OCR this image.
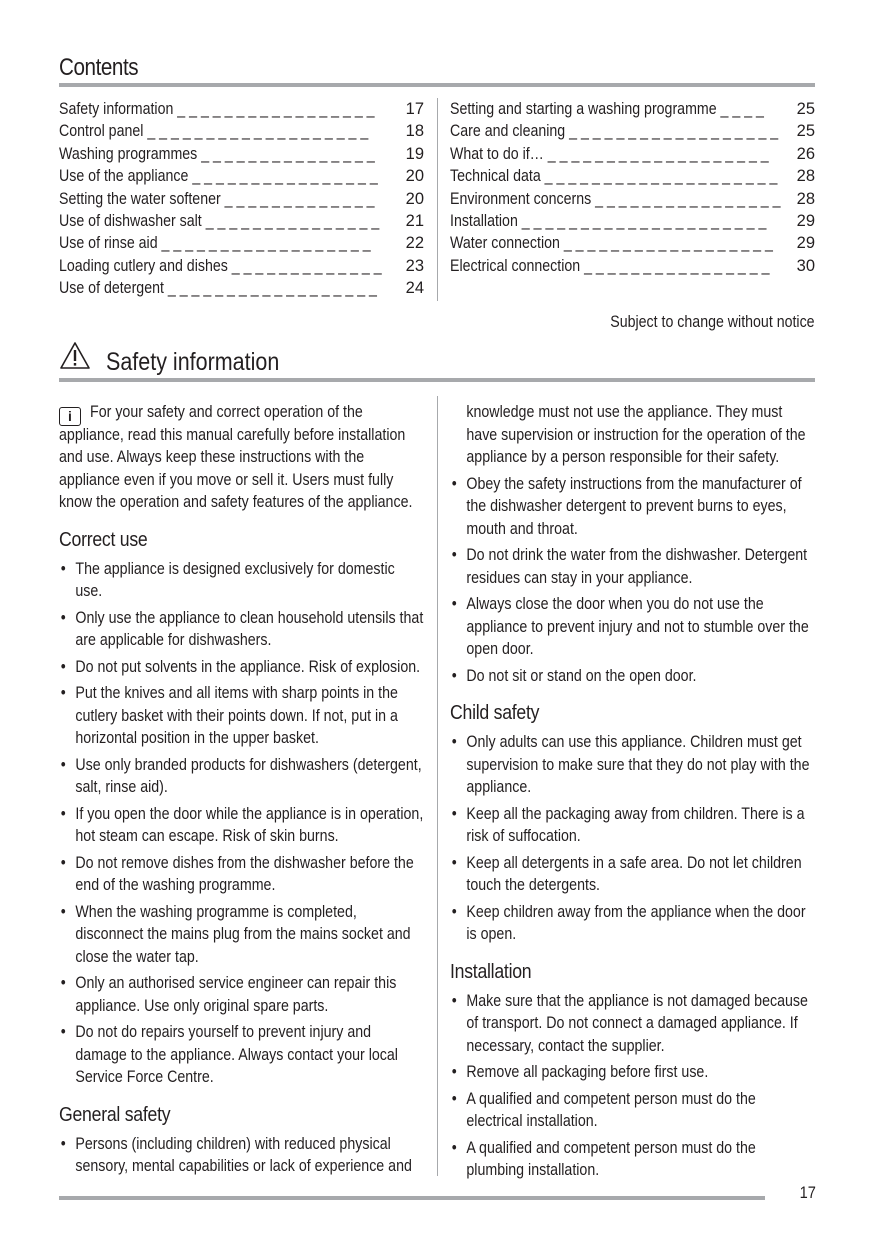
Contents
Safety information _ _ _ _ _ _ _ _ _ _ _ _ _ _ _ _ _ 17
Control panel _ _ _ _ _ _ _ _ _ _ _ _ _ _ _ _ _ _ _ 18
Washing programmes _ _ _ _ _ _ _ _ _ _ _ _ _ _ _ 19
Use of the appliance _ _ _ _ _ _ _ _ _ _ _ _ _ _ _ _ 20
Setting the water softener _ _ _ _ _ _ _ _ _ _ _ _ _ 20
Use of dishwasher salt _ _ _ _ _ _ _ _ _ _ _ _ _ _ _ 21
Use of rinse aid _ _ _ _ _ _ _ _ _ _ _ _ _ _ _ _ _ _ 22
Loading cutlery and dishes _ _ _ _ _ _ _ _ _ _ _ _ _ 23
Use of detergent _ _ _ _ _ _ _ _ _ _ _ _ _ _ _ _ _ _ 24
Setting and starting a washing programme _ _ _ _ 25
Care and cleaning _ _ _ _ _ _ _ _ _ _ _ _ _ _ _ _ _ _ 25
What to do if… _ _ _ _ _ _ _ _ _ _ _ _ _ _ _ _ _ _ _ 26
Technical data _ _ _ _ _ _ _ _ _ _ _ _ _ _ _ _ _ _ _ _ 28
Environment concerns _ _ _ _ _ _ _ _ _ _ _ _ _ _ _ _ 28
Installation _ _ _ _ _ _ _ _ _ _ _ _ _ _ _ _ _ _ _ _ _ 29
Water connection _ _ _ _ _ _ _ _ _ _ _ _ _ _ _ _ _ _ 29
Electrical connection _ _ _ _ _ _ _ _ _ _ _ _ _ _ _ _ 30
Subject to change without notice
Safety information
i	For your safety and correct operation of the appliance, read this manual carefully before installation and use. Always keep these instructions with the appliance even if you move or sell it. Users must fully know the operation and safety features of the appliance.

Correct use
• The appliance is designed exclusively for domestic use.
• Only use the appliance to clean household utensils that are applicable for dishwashers.
• Do not put solvents in the appliance. Risk of explosion.
• Put the knives and all items with sharp points in the cutlery basket with their points down. If not, put in a horizontal position in the upper basket.
• Use only branded products for dishwashers (detergent, salt, rinse aid).
• If you open the door while the appliance is in operation, hot steam can escape. Risk of skin burns.
• Do not remove dishes from the dishwasher before the end of the washing programme.
• When the washing programme is completed, disconnect the mains plug from the mains socket and close the water tap.
• Only an authorised service engineer can repair this appliance. Use only original spare parts.
• Do not do repairs yourself to prevent injury and damage to the appliance. Always contact your local Service Force Centre.
General safety
• Persons (including children) with reduced physical sensory, mental capabilities or lack of experience and

knowledge must not use the appliance. They must have supervision or instruction for the operation of the appliance by a person responsible for their safety.

• Obey the safety instructions from the manufacturer of the dishwasher detergent to prevent burns to eyes, mouth and throat.
• Do not drink the water from the dishwasher. Detergent residues can stay in your appliance.
• Always close the door when you do not use the appliance to prevent injury and not to stumble over the open door.
• Do not sit or stand on the open door.
Child safety
• Only adults can use this appliance. Children must get supervision to make sure that they do not play with the appliance.
• Keep all the packaging away from children. There is a risk of suffocation.
• Keep all detergents in a safe area. Do not let children touch the detergents.
• Keep children away from the appliance when the door is open.
Installation
• Make sure that the appliance is not damaged because of transport. Do not connect a damaged appliance. If necessary, contact the supplier.
• Remove all packaging before first use.
• A qualified and competent person must do the electrical installation.
• A qualified and competent person must do the plumbing installation.
17
